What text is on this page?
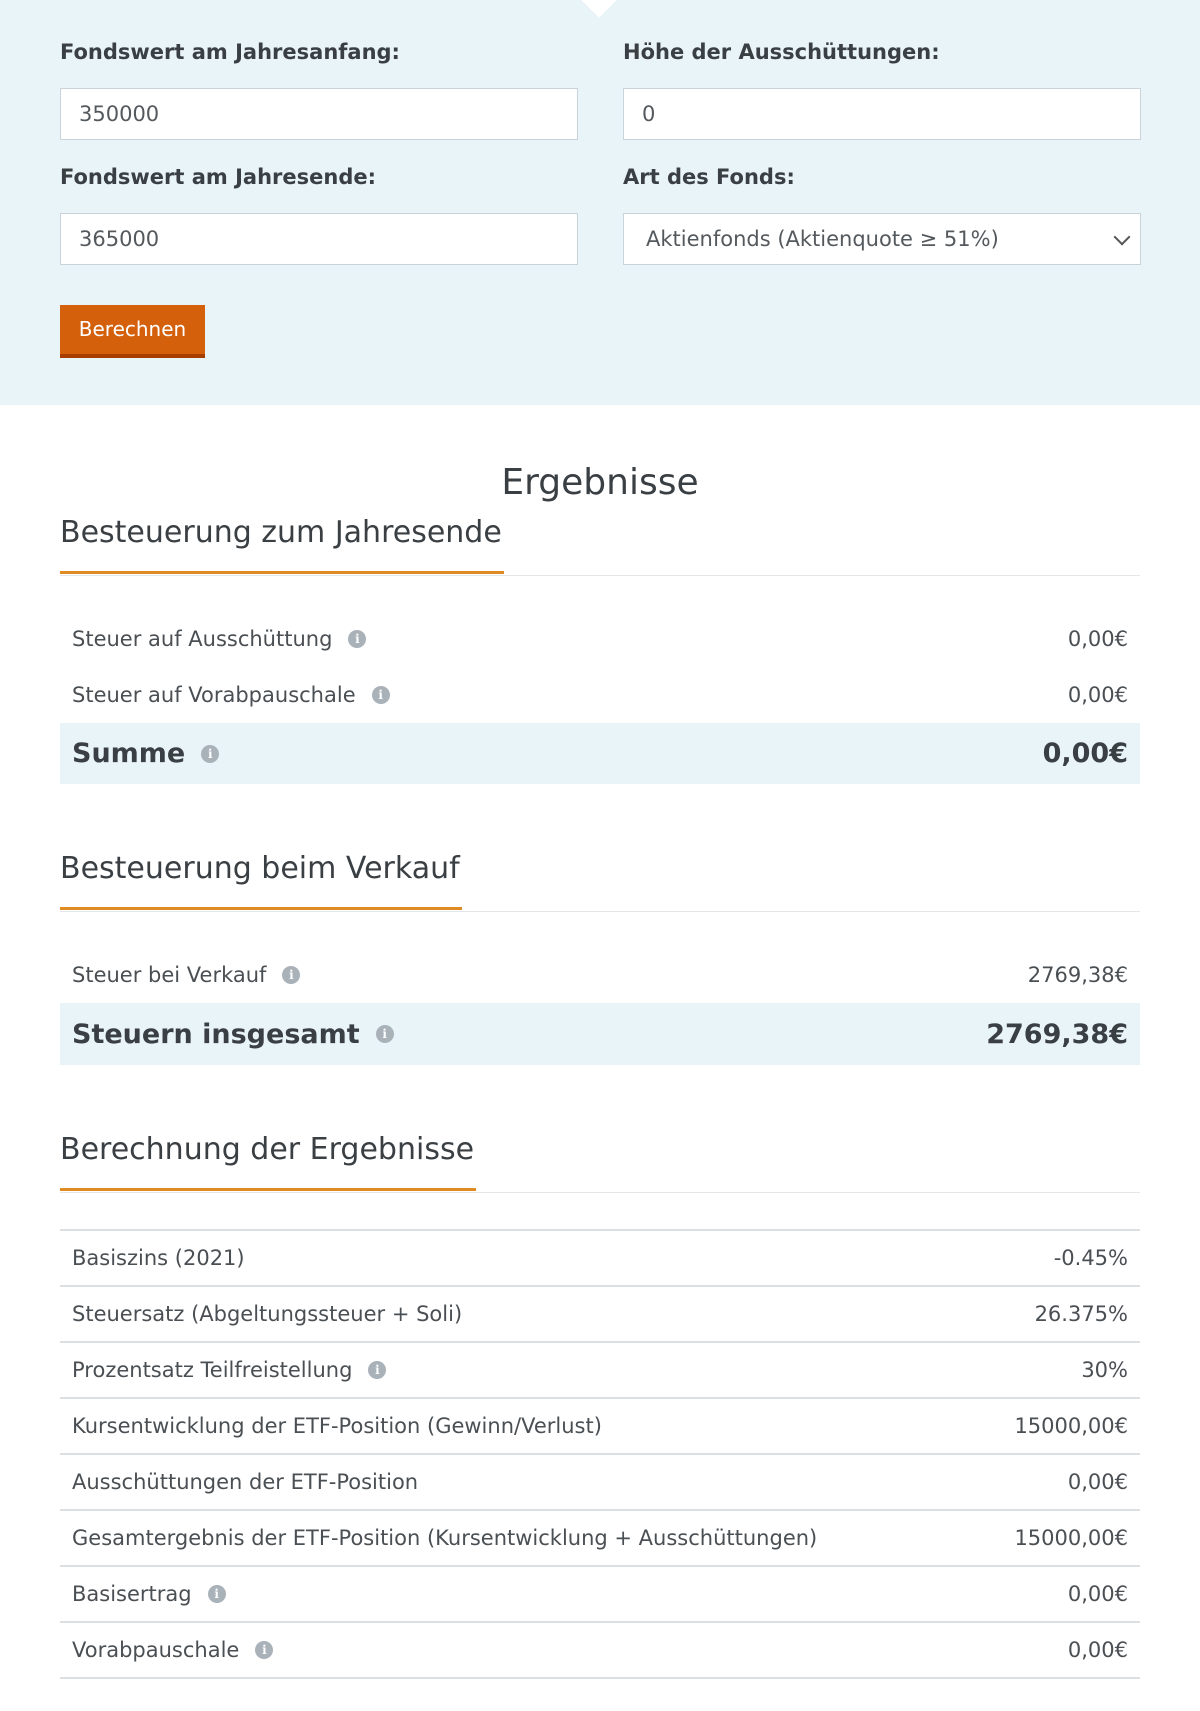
Fondswert am Jahresanfang:
350000
Höhe der Ausschüttungen:
0
Fondswert am Jahresende:
365000
Art des Fonds:
Aktienfonds (Aktienquote ≥ 51%)
Berechnen
Ergebnisse
Besteuerung zum Jahresende
Steuer auf Ausschüttung	i	0,00€
Steuer auf Vorabpauschale	i	0,00€
Summe	i	0,00€
Besteuerung beim Verkauf
Steuer bei Verkauf	i	2769,38€
Steuern insgesamt	i	2769,38€
Berechnung der Ergebnisse
Basiszins (2021)	-0.45%
Steuersatz (Abgeltungssteuer + Soli)	26.375%
Prozentsatz Teilfreistellung	i	30%
Kursentwicklung der ETF-Position (Gewinn/Verlust)	15000,00€
Ausschüttungen der ETF-Position	0,00€
Gesamtergebnis der ETF-Position (Kursentwicklung + Ausschüttungen)	15000,00€
Basisertrag	i	0,00€
Vorabpauschale	i	0,00€
